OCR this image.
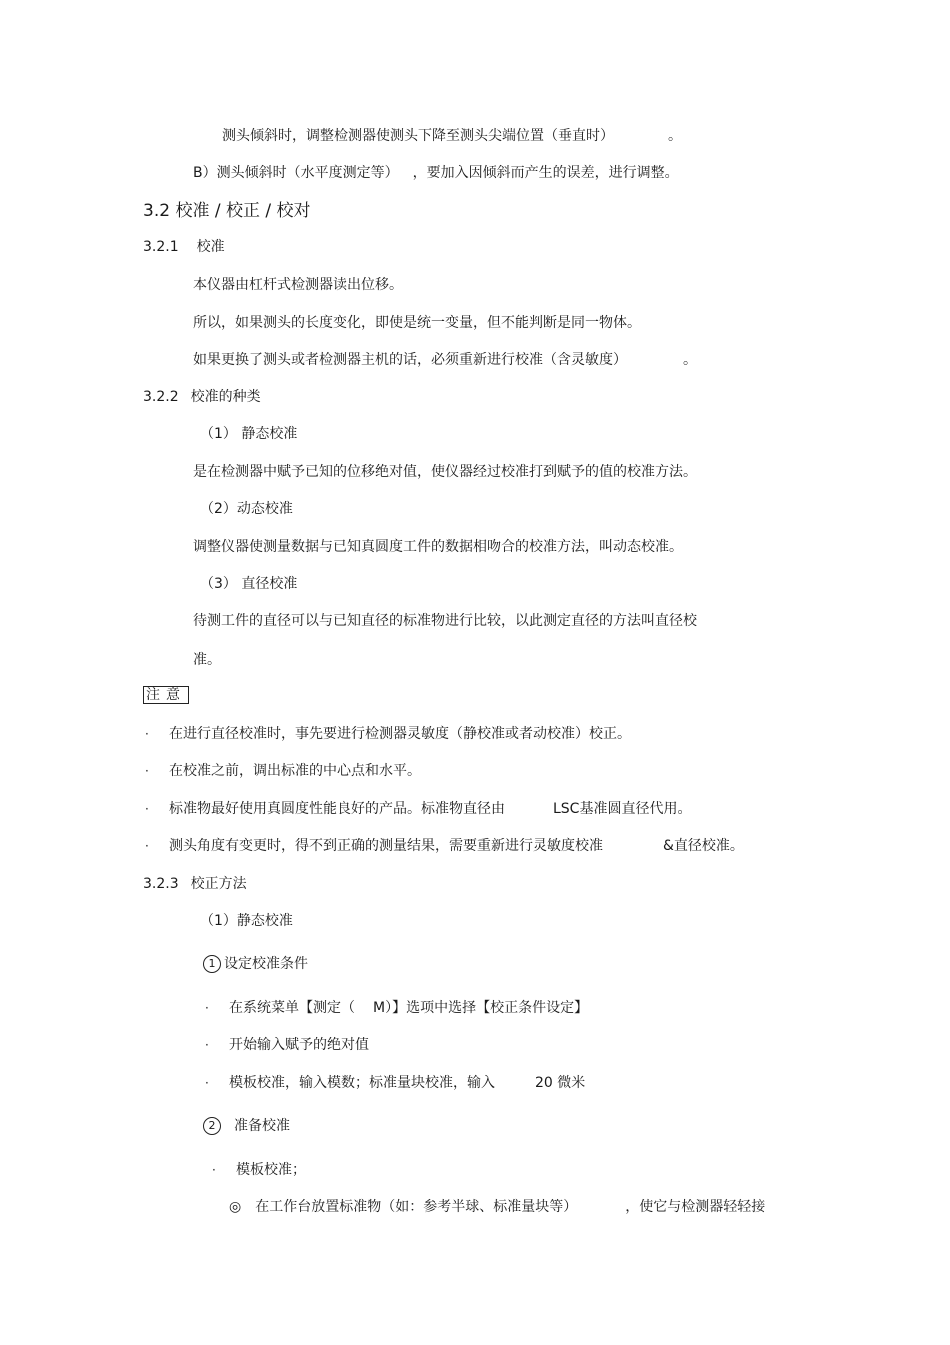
测头倾斜时，调整检测器使测头下降至测头尖端位置（垂直时）	。
B）测头倾斜时（水平度测定等） ，要加入因倾斜而产生的误差，进行调整。
3.2 校准 / 校正 / 校对
3.2.1 校准
本仪器由杠杆式检测器读出位移。
所以，如果测头的长度变化，即使是统一变量，但不能判断是同一物体。
如果更换了测头或者检测器主机的话，必须重新进行校准（含灵敏度）	。
3.2.2 校准的种类
（1） 静态校准
是在检测器中赋予已知的位移绝对值，使仪器经过校准打到赋予的值的校准方法。
（2）动态校准
调整仪器使测量数据与已知真圆度工件的数据相吻合的校准方法，叫动态校准。
（3） 直径校准
待测工件的直径可以与已知直径的标准物进行比较，以此测定直径的方法叫直径校
准。
注意
· 在进行直径校准时，事先要进行检测器灵敏度（静校准或者动校准）校正。
· 在校准之前，调出标准的中心点和水平。
· 标准物最好使用真圆度性能良好的产品。标准物直径由	LSC基准圆直径代用。
· 测头角度有变更时，得不到正确的测量结果，需要重新进行灵敏度校准	&直径校准。
3.2.3 校正方法
（1）静态校准
1 设定校准条件
· 在系统菜单【测定（ M）】选项中选择【校正条件设定】
· 开始输入赋予的绝对值
· 模板校准，输入模数；标准量块校准，输入	20 微米
2 准备校准
· 模板校准；
◎ 在工作台放置标准物（如：参考半球、标准量块等）	，使它与检测器轻轻接
